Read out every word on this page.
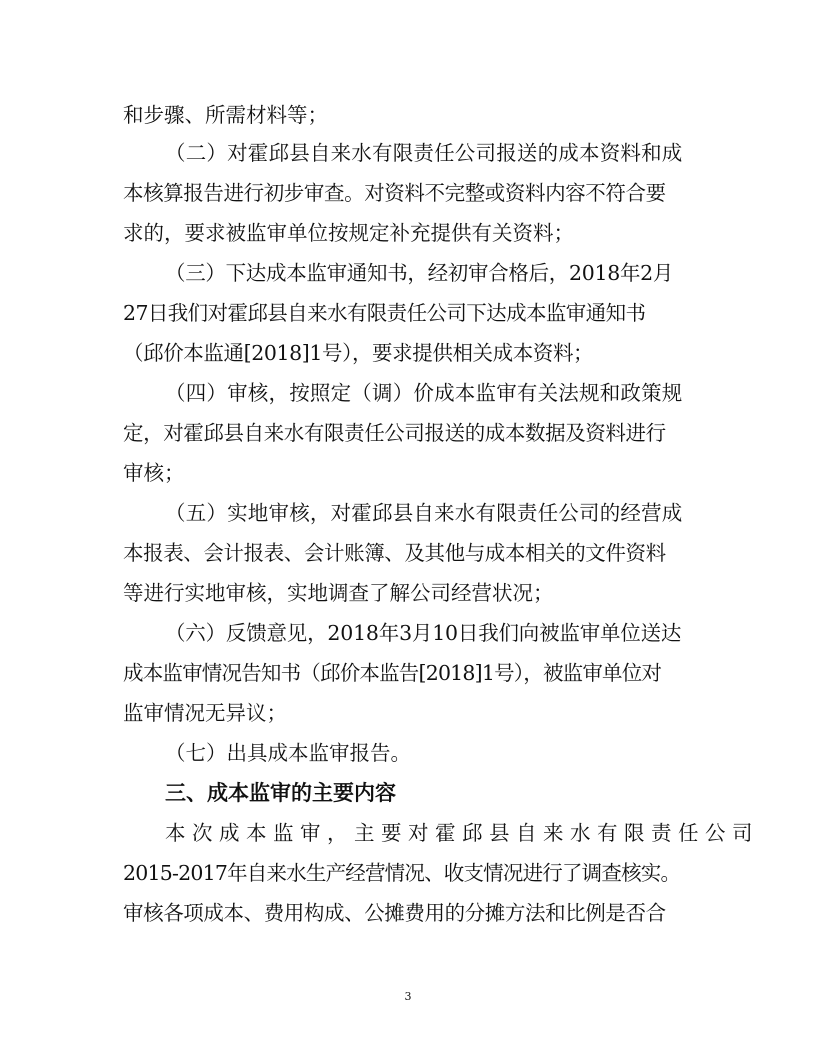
和步骤、所需材料等；
（二）对霍邱县自来水有限责任公司报送的成本资料和成
本核算报告进行初步审查。对资料不完整或资料内容不符合要
求的，要求被监审单位按规定补充提供有关资料；
（三）下达成本监审通知书，经初审合格后，2018年2月
27日我们对霍邱县自来水有限责任公司下达成本监审通知书
（邱价本监通[2018]1号），要求提供相关成本资料；
（四）审核，按照定（调）价成本监审有关法规和政策规
定，对霍邱县自来水有限责任公司报送的成本数据及资料进行
审核；
（五）实地审核，对霍邱县自来水有限责任公司的经营成
本报表、会计报表、会计账簿、及其他与成本相关的文件资料
等进行实地审核，实地调查了解公司经营状况；
（六）反馈意见，2018年3月10日我们向被监审单位送达
成本监审情况告知书（邱价本监告[2018]1号），被监审单位对
监审情况无异议；
（七）出具成本监审报告。
三、成本监审的主要内容
本次成本监审，主要对霍邱县自来水有限责任公司
2015-2017年自来水生产经营情况、收支情况进行了调查核实。
审核各项成本、费用构成、公摊费用的分摊方法和比例是否合
3
